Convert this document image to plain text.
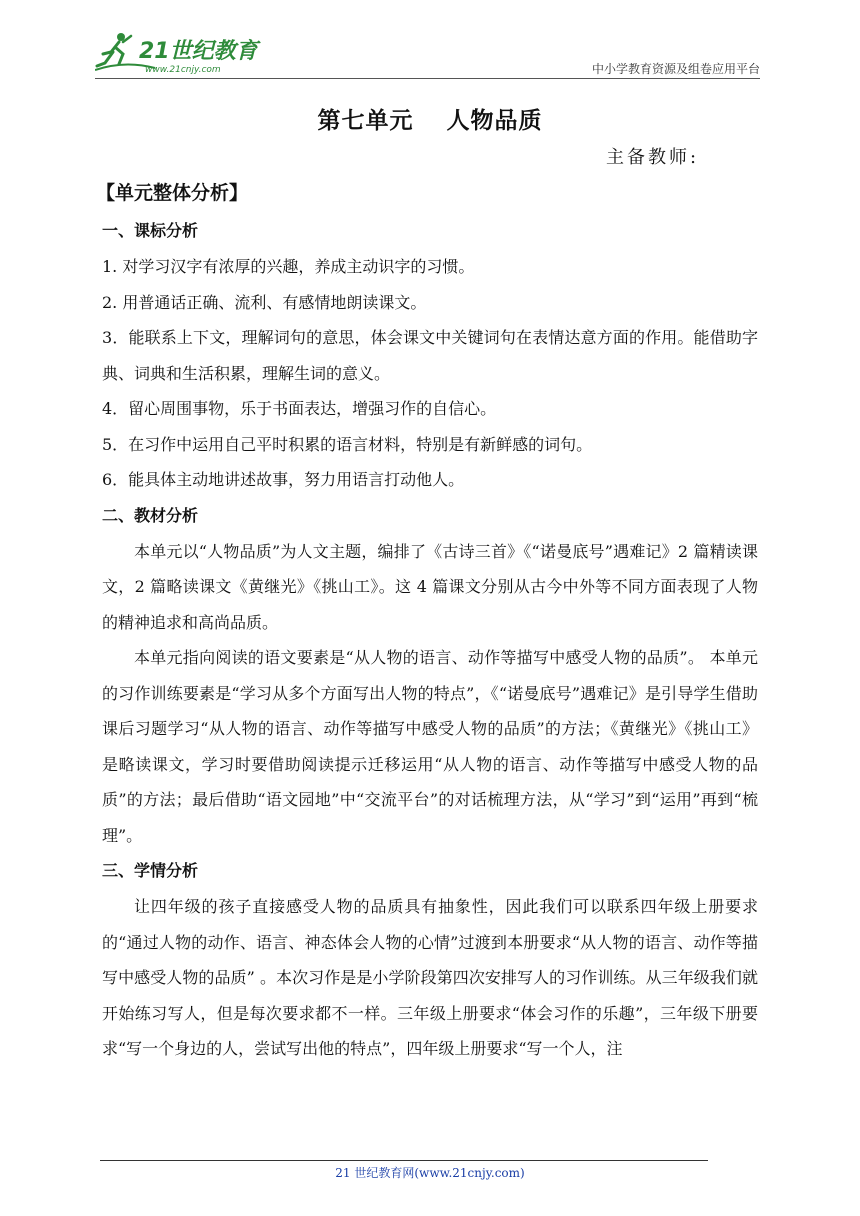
21世纪教育
www.21cnjy.com	中小学教育资源及组卷应用平台
第七单元　 人物品质
主备教师:
【单元整体分析】
一、课标分析
1. 对学习汉字有浓厚的兴趣，养成主动识字的习惯。
2. 用普通话正确、流利、有感情地朗读课文。
3．能联系上下文，理解词句的意思，体会课文中关键词句在表情达意方面的作用。能借助字典、词典和生活积累，理解生词的意义。
4．留心周围事物，乐于书面表达，增强习作的自信心。
5．在习作中运用自己平时积累的语言材料，特别是有新鲜感的词句。
6．能具体主动地讲述故事，努力用语言打动他人。
二、教材分析
本单元以“人物品质”为人文主题，编排了《古诗三首》《“诺曼底号”遇难记》2 篇精读课文，2 篇略读课文《黄继光》《挑山工》。这 4 篇课文分别从古今中外等不同方面表现了人物的精神追求和高尚品质。
本单元指向阅读的语文要素是“从人物的语言、动作等描写中感受人物的品质”。 本单元的习作训练要素是“学习从多个方面写出人物的特点”，《“诺曼底号”遇难记》是引导学生借助课后习题学习“从人物的语言、动作等描写中感受人物的品质”的方法；《黄继光》《挑山工》是略读课文，学习时要借助阅读提示迁移运用“从人物的语言、动作等描写中感受人物的品质”的方法；最后借助“语文园地”中“交流平台”的对话梳理方法，从“学习”到“运用”再到“梳理”。
三、学情分析
让四年级的孩子直接感受人物的品质具有抽象性，因此我们可以联系四年级上册要求的“通过人物的动作、语言、神态体会人物的心情”过渡到本册要求“从人物的语言、动作等描写中感受人物的品质” 。本次习作是是小学阶段第四次安排写人的习作训练。从三年级我们就开始练习写人，但是每次要求都不一样。三年级上册要求“体会习作的乐趣”，三年级下册要求“写一个身边的人，尝试写出他的特点”，四年级上册要求“写一个人，注
21 世纪教育网(www.21cnjy.com)
